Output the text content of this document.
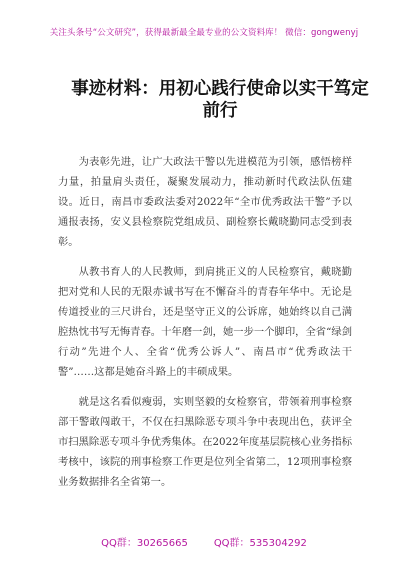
关注头条号“公文研究”，获得最新最全最专业的公文资料库！ 微信：gongwenyj
事迹材料：用初心践行使命以实干笃定前行

为表彰先进，让广大政法干警以先进模范为引领，感悟榜样力量，拍量肩头责任，凝聚发展动力，推动新时代政法队伍建设。近日，南昌市委政法委对2022年“全市优秀政法干警”予以通报表扬，安义县检察院党组成员、副检察长戴晓勤同志受到表彰。

从教书育人的人民教师，到肩挑正义的人民检察官，戴晓勤把对党和人民的无限赤诚书写在不懈奋斗的青春年华中。无论是传道授业的三尺讲台，还是坚守正义的公诉席，她始终以自己满腔热忱书写无悔青春。十年磨一剑，她一步一个脚印，全省“绿剑行动”先进个人、全省“优秀公诉人”、南昌市“优秀政法干警”……这都是她奋斗路上的丰硕成果。

就是这名看似瘦弱，实则坚毅的女检察官，带领着刑事检察部干警敢闯敢干，不仅在扫黑除恶专项斗争中表现出色，获评全市扫黑除恶专项斗争优秀集体。在2022年度基层院核心业务指标考核中，该院的刑事检察工作更是位列全省第二，12项刑事检察业务数据排名全省第一。

QQ群：30265665	QQ群：535304292
